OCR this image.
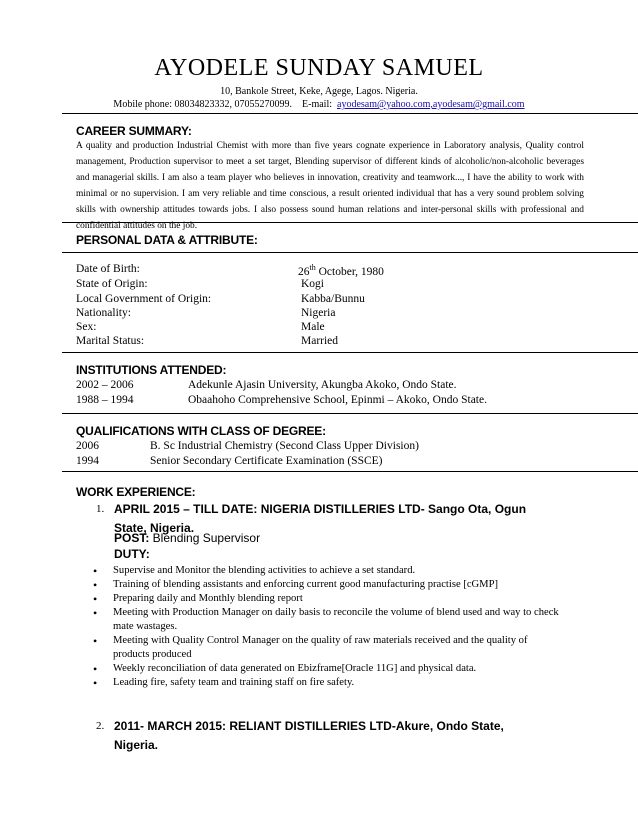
AYODELE SUNDAY SAMUEL
10, Bankole Street, Keke, Agege, Lagos. Nigeria.
Mobile phone: 08034823332, 07055270099. E-mail: ayodesam@yahoo.com,ayodesam@gmail.com
CAREER SUMMARY:
A quality and production Industrial Chemist with more than five years cognate experience in Laboratory analysis, Quality control management, Production supervisor to meet a set target, Blending supervisor of different kinds of alcoholic/non-alcoholic beverages and managerial skills. I am also a team player who believes in innovation, creativity and teamwork..., I have the ability to work with minimal or no supervision. I am very reliable and time conscious, a result oriented individual that has a very sound problem solving skills with ownership attitudes towards jobs. I also possess sound human relations and inter-personal skills with professional and confidential attitudes on the job.
PERSONAL DATA & ATTRIBUTE:
Date of Birth:	26th October, 1980
State of Origin:	Kogi
Local Government of Origin:	Kabba/Bunnu
Nationality:	Nigeria
Sex:	Male
Marital Status:	Married
INSTITUTIONS ATTENDED:
2002 – 2006	Adekunle Ajasin University, Akungba Akoko, Ondo State.
1988 – 1994	Obaahoho Comprehensive School, Epinmi – Akoko, Ondo State.
QUALIFICATIONS WITH CLASS OF DEGREE:
2006	B. Sc Industrial Chemistry (Second Class Upper Division)
1994	Senior Secondary Certificate Examination (SSCE)
WORK EXPERIENCE:
1. APRIL 2015 – TILL DATE: NIGERIA DISTILLERIES LTD- Sango Ota, Ogun
State, Nigeria.
POST: Blending Supervisor
DUTY:
• Supervise and Monitor the blending activities to achieve a set standard.
• Training of blending assistants and enforcing current good manufacturing practise [cGMP]
• Preparing daily and Monthly blending report
• Meeting with Production Manager on daily basis to reconcile the volume of blend used and way to check mate wastages.
• Meeting with Quality Control Manager on the quality of raw materials received and the quality of products produced
• Weekly reconciliation of data generated on Ebizframe[Oracle 11G] and physical data.
• Leading fire, safety team and training staff on fire safety.
2. 2011- MARCH 2015: RELIANT DISTILLERIES LTD-Akure, Ondo State,
Nigeria.
